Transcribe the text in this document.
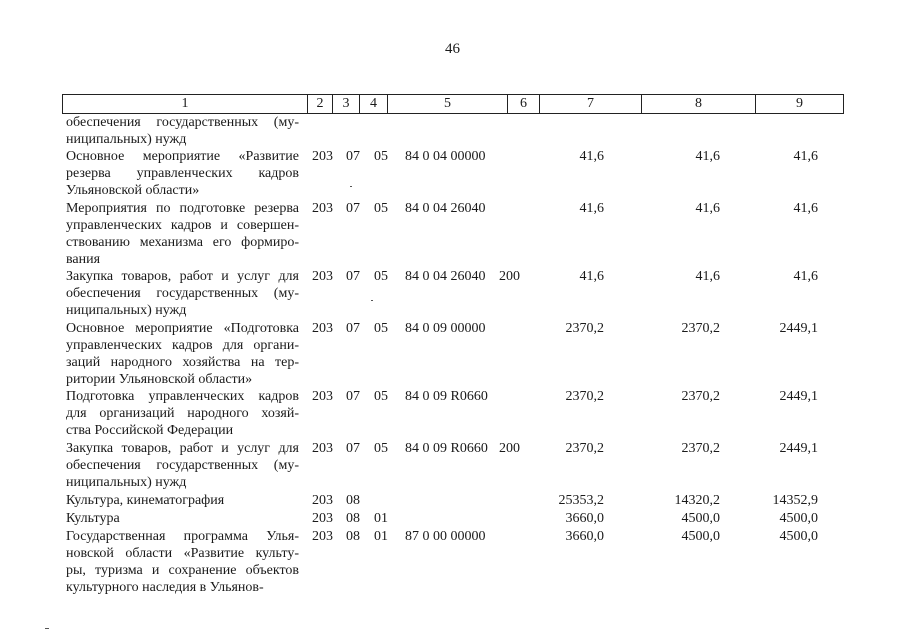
46
1	2	3	4	5	6	7	8	9
обеспечения государственных (му-
ниципальных) нужд
Основное мероприятие «Развитие
резерва управленческих кадров
Ульяновской области»
203 07 05 84 0 04 00000	41,6	41,6	41,6
Мероприятия по подготовке резерва
управленческих кадров и совершен-
ствованию механизма его формиро-
вания
203 07 05 84 0 04 26040	41,6	41,6	41,6
Закупка товаров, работ и услуг для
обеспечения государственных (му-
ниципальных) нужд
203 07 05 84 0 04 26040 200	41,6	41,6	41,6
Основное мероприятие «Подготовка
управленческих кадров для органи-
заций народного хозяйства на тер-
ритории Ульяновской области»
203 07 05 84 0 09 00000	2370,2	2370,2	2449,1
Подготовка управленческих кадров
для организаций народного хозяй-
ства Российской Федерации
203 07 05 84 0 09 R0660	2370,2	2370,2	2449,1
Закупка товаров, работ и услуг для
обеспечения государственных (му-
ниципальных) нужд
203 07 05 84 0 09 R0660 200	2370,2	2370,2	2449,1
Культура, кинематография	203 08	25353,2	14320,2	14352,9
Культура	203 08 01	3660,0	4500,0	4500,0
Государственная программа Улья-
новской области «Развитие культу-
ры, туризма и сохранение объектов
культурного наследия в Ульянов-
203 08 01 87 0 00 00000	3660,0	4500,0	4500,0
